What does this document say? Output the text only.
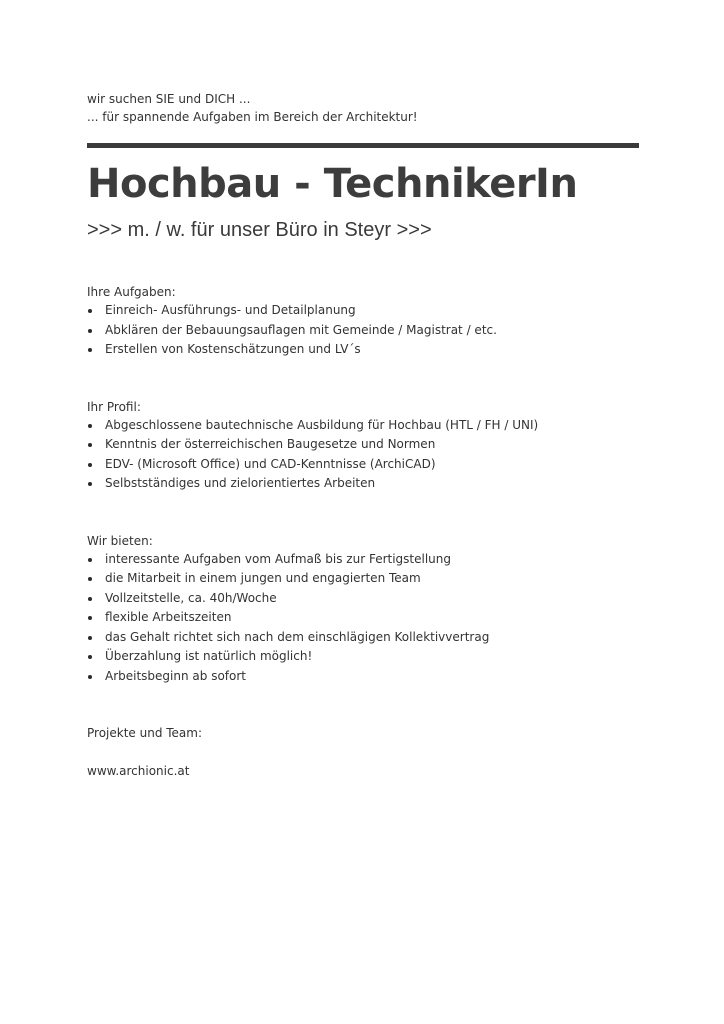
wir suchen SIE und DICH ...
... für spannende Aufgaben im Bereich der Architektur!
Hochbau - TechnikerIn
>>> m. / w. für unser Büro in Steyr >>>
Ihre Aufgaben:
Einreich- Ausführungs- und Detailplanung
Abklären der Bebauungsauflagen mit Gemeinde / Magistrat / etc.
Erstellen von Kostenschätzungen und LV´s
Ihr Profil:
Abgeschlossene bautechnische Ausbildung für Hochbau (HTL / FH / UNI)
Kenntnis der österreichischen Baugesetze und Normen
EDV- (Microsoft Office) und CAD-Kenntnisse (ArchiCAD)
Selbstständiges und zielorientiertes Arbeiten
Wir bieten:
interessante Aufgaben vom Aufmaß bis zur Fertigstellung
die Mitarbeit in einem jungen und engagierten Team
Vollzeitstelle, ca. 40h/Woche
flexible Arbeitszeiten
das Gehalt richtet sich nach dem einschlägigen Kollektivvertrag
Überzahlung ist natürlich möglich!
Arbeitsbeginn ab sofort
Projekte und Team:
www.archionic.at
